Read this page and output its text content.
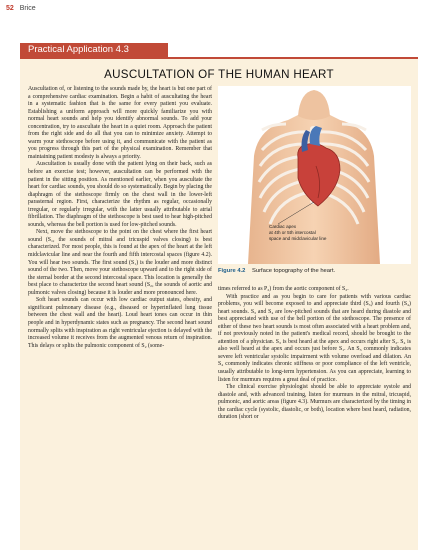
52 Brice
Practical Application 4.3
AUSCULTATION OF THE HUMAN HEART

Auscultation of, or listening to the sounds made by, the heart is but one part of a comprehensive cardiac examination. Begin a habit of auscultating the heart in a systematic fashion that is the same for every patient you evaluate. Establishing a uniform approach will more quickly familiarize you with normal heart sounds and help you identify abnormal sounds. To add your concentration, try to auscultate the heart in a quiet room. Approach the patient from the right side and do all that you can to minimize anxiety. Attempt to warm your stethoscope before using it, and communicate with the patient as you progress through this part of the physical examination. Remember that maintaining patient modesty is always a priority.

Auscultation is usually done with the patient lying on their back, such as before an exercise test; however, auscultation can be performed with the patient in the sitting position. As mentioned earlier, when you auscultate the heart for cardiac sounds, you should do so systematically. Begin by placing the diaphragm of the stethoscope firmly on the chest wall in the lower-left parasternal region. First, characterize the rhythm as regular, occasionally irregular, or regularly irregular, with the latter usually attributable to atrial fibrillation. The diaphragm of the stethoscope is best used to hear high-pitched sounds, whereas the bell portion is used for low-pitched sounds.

Next, move the stethoscope to the point on the chest where the first heart sound (S₁, the sounds of mitral and tricuspid valves closing) is best characterized. For most people, this is found at the apex of the heart at the left midclavicular line and near the fourth and fifth intercostal spaces (figure 4.2). You will hear two sounds. The first sound (S₁) is the louder and more distinct sound of the two. Then, move your stethoscope upward and to the right side of the sternal border at the second intercostal space. This location is generally the best place to characterize the second heart sound (S₂, the sounds of aortic and pulmonic valves closing) because it is louder and more pronounced here.

Soft heart sounds can occur with low cardiac output states, obesity, and significant pulmonary disease (e.g., diseased or hyperinflated lung tissue between the chest wall and the heart). Loud heart tones can occur in thin people and in hyperdynamic states such as pregnancy. The second heart sound normally splits with inspiration as right ventricular ejection is delayed with the increased volume it receives from the augmented venous return of inspiration. This delays or splits the pulmonic component of S₂ (some-

Cardiac apex
at 4th or 5th intercostal
space and midclavicular line
Figure 4.2 Surface topography of the heart.

times referred to as P₂) from the aortic component of S₂.

With practice and as you begin to care for patients with various cardiac problems, you will become exposed to and appreciate third (S₃) and fourth (S₄) heart sounds. S₃ and S₄ are low-pitched sounds that are heard during diastole and best appreciated with use of the bell portion of the stethoscope. The presence of either of these two heart sounds is most often associated with a heart problem and, if not previously noted in the patient's medical record, should be brought to the attention of a physician. S₃ is best heard at the apex and occurs right after S₂. S₄ is also well heard at the apex and occurs just before S₁. An S₃ commonly indicates severe left ventricular systolic impairment with volume overload and dilation. An S₄ commonly indicates chronic stiffness or poor compliance of the left ventricle, usually attributable to long-term hypertension. As you can appreciate, learning to listen for murmurs requires a great deal of practice.

The clinical exercise physiologist should be able to appreciate systole and diastole and, with advanced training, listen for murmurs in the mitral, tricuspid, pulmonic, and aortic areas (figure 4.3). Murmurs are characterized by the timing in the cardiac cycle (systolic, diastolic, or both), location where best heard, radiation, duration (short or
